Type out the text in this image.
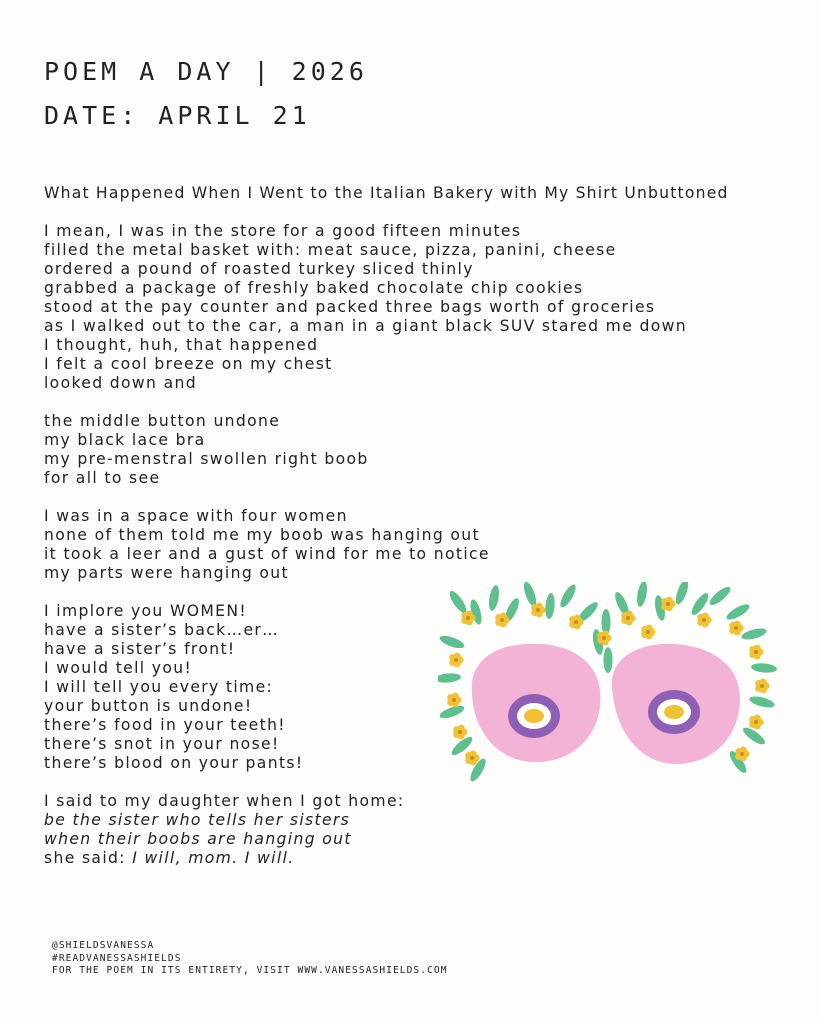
POEM A DAY | 2026
DATE: APRIL 21
What Happened When I Went to the Italian Bakery with My Shirt Unbuttoned
I mean, I was in the store for a good fifteen minutes
filled the metal basket with: meat sauce, pizza, panini, cheese
ordered a pound of roasted turkey sliced thinly
grabbed a package of freshly baked chocolate chip cookies
stood at the pay counter and packed three bags worth of groceries
as I walked out to the car, a man in a giant black SUV stared me down
I thought, huh, that happened
I felt a cool breeze on my chest
looked down and
the middle button undone
my black lace bra
my pre-menstral swollen right boob
for all to see
I was in a space with four women
none of them told me my boob was hanging out
it took a leer and a gust of wind for me to notice
my parts were hanging out
I implore you WOMEN!
have a sister’s back…er…
have a sister’s front!
I would tell you!
I will tell you every time:
your button is undone!
there’s food in your teeth!
there’s snot in your nose!
there’s blood on your pants!
I said to my daughter when I got home:
be the sister who tells her sisters
when their boobs are hanging out
she said: I will, mom. I will.
@SHIELDSVANESSA
#READVANESSASHIELDS
FOR THE POEM IN ITS ENTIRETY, VISIT WWW.VANESSASHIELDS.COM
